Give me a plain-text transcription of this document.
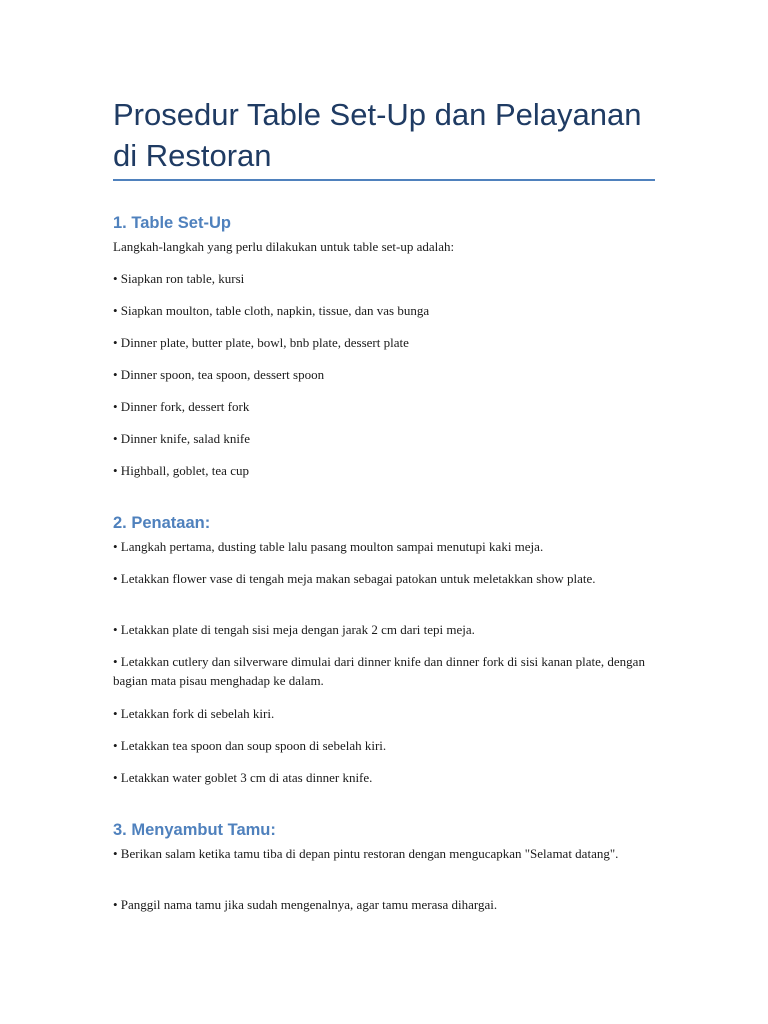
Prosedur Table Set-Up dan Pelayanan di Restoran
1. Table Set-Up

Langkah-langkah yang perlu dilakukan untuk table set-up adalah:

• Siapkan ron table, kursi

• Siapkan moulton, table cloth, napkin, tissue, dan vas bunga

• Dinner plate, butter plate, bowl, bnb plate, dessert plate

• Dinner spoon, tea spoon, dessert spoon

• Dinner fork, dessert fork

• Dinner knife, salad knife

• Highball, goblet, tea cup

2. Penataan:

• Langkah pertama, dusting table lalu pasang moulton sampai menutupi kaki meja.

• Letakkan flower vase di tengah meja makan sebagai patokan untuk meletakkan show plate.

• Letakkan plate di tengah sisi meja dengan jarak 2 cm dari tepi meja.

• Letakkan cutlery dan silverware dimulai dari dinner knife dan dinner fork di sisi kanan plate, dengan bagian mata pisau menghadap ke dalam.

• Letakkan fork di sebelah kiri.

• Letakkan tea spoon dan soup spoon di sebelah kiri.

• Letakkan water goblet 3 cm di atas dinner knife.

3. Menyambut Tamu:

• Berikan salam ketika tamu tiba di depan pintu restoran dengan mengucapkan "Selamat datang".

• Panggil nama tamu jika sudah mengenalnya, agar tamu merasa dihargai.
